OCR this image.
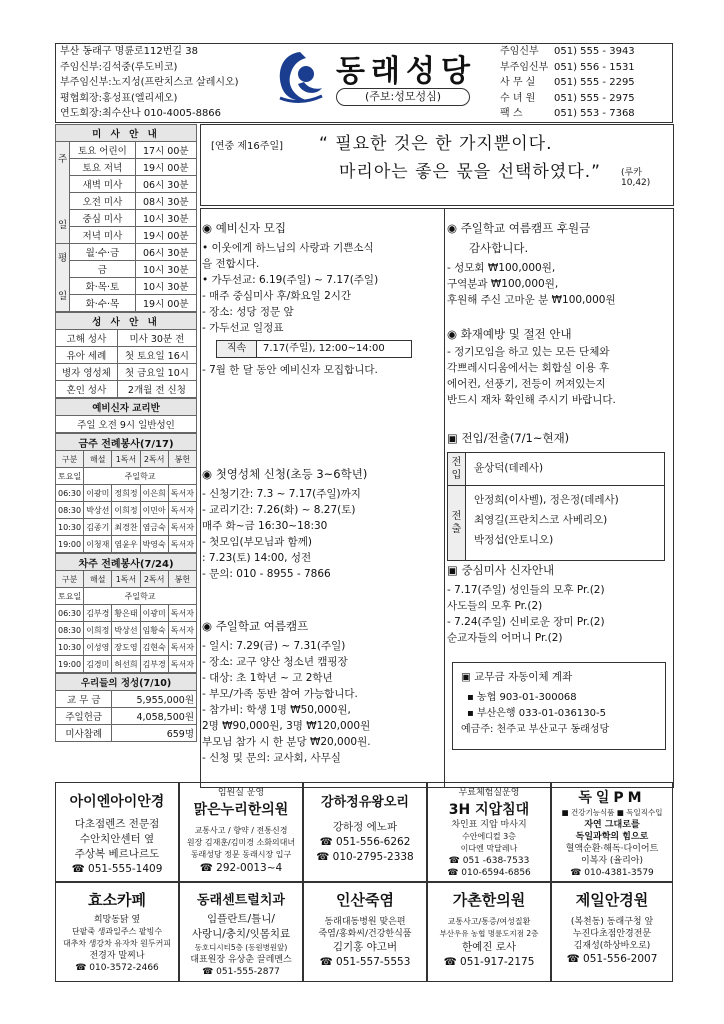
부산 동래구 명륜로112번길 38
주임신부:김석중(루도비코)
부주임신부:노지성(프란치스코 살레시오)
평협회장:홍성표(엘리세오)
연도회장:최수산나 010-4005-8866
동래성당
(주보:성모성심)
주임신부	051) 555 - 3943
부주임신부 051) 556 - 1531
사 무 실	051) 555 - 2295
수 녀 원	051) 555 - 2975
팩 스	051) 553 - 7368
미 사 안 내		

주
일	토요 어린이	17시 00분
	토요 저녁	19시 00분
	새벽 미사	06시 30분
	오전 미사	08시 30분
	중심 미사	10시 30분
	저녁 미사	19시 00분

평
일	월·수·금	06시 30분
	금	10시 30분
	화·목·토	10시 30분
	화·수·목	19시 00분
성 사 안 내	
고해 성사	미사 30분 전
유아 세례	첫 토요일 16시
병자 영성체	첫 금요일 10시
혼인 성사	2개월 전 신청
예비신자 교리반
주일 오전 9시 일반성인
금주 전례봉사(7/17)				
구분	해설	1독서	2독서	봉헌
토요일	주일학교			
06:30	이광미	정희정	이은희	독서자
08:30	박상선	이희정	이민아	독서자
10:30	김종기	최경찬	염금숙	독서자
19:00	이청재	염윤우	박영숙	독서자
차주 전례봉사(7/24)				
구분	해설	1독서	2독서	봉헌
토요일	주일학교			
06:30	김부경	황은태	이광미	독서자
08:30	이희정	박상선	임황숙	독서자
10:30	이성영	장도영	김현숙	독서자
19:00	김경미	허선희	김부경	독서자
우리들의 정성(7/10)	
교 무 금	5,955,000원
주일헌금	4,058,500원
미사참례	659명
[연중 제16주일] “ 필요한 것은 한 가지뿐이다.
마리아는 좋은 몫을 선택하였다.” (루카 10,42)
◉ 예비신자 모집
• 이웃에게 하느님의 사랑과 기쁜소식
을 전합시다.
• 가두선교: 6.19(주일) ~ 7.17(주일)
- 매주 중심미사 후/화요일 2시간
- 장소: 성당 정문 앞
- 가두선교 일정표
직속	7.17(주일), 12:00~14:00
- 7월 한 달 동안 예비신자 모집합니다.
◉ 첫영성체 신청(초등 3~6학년)
- 신청기간: 7.3 ~ 7.17(주일)까지
- 교리기간: 7.26(화) ~ 8.27(토)
매주 화~금 16:30~18:30
- 첫모임(부모님과 함께)
: 7.23(토) 14:00, 성전
- 문의: 010 - 8955 - 7866
◉ 주일학교 여름캠프
- 일시: 7.29(금) ~ 7.31(주일)
- 장소: 교구 양산 청소년 캠핑장
- 대상: 초 1학년 ~ 고 2학년
- 부모/가족 동반 참여 가능합니다.
- 참가비: 학생 1명 ₩50,000원,
2명 ₩90,000원, 3명 ₩120,000원
부모님 참가 시 한 분당 ₩20,000원.
- 신청 및 문의: 교사회, 사무실
◉ 주일학교 여름캠프 후원금
감사합니다.
- 성모회 ₩100,000원,
구역분과 ₩100,000원,
후원해 주신 고마운 분 ₩100,000원
◉ 화재예방 및 절전 안내
- 정기모임을 하고 있는 모든 단체와
각쁘레시디움에서는 회합실 이용 후
에어컨, 선풍기, 전등이 꺼져있는지
반드시 재차 확인해 주시기 바랍니다.
▣ 전입/전출(7/1~현재)
전입
윤상덕(데레사)
전출
안정희(이사벨), 정은정(데레사)
최영길(프란치스코 사베리오)
박정섭(안토니오)
▣ 중심미사 신자안내
- 7.17(주일) 성인들의 모후 Pr.(2)
사도들의 모후 Pr.(2)
- 7.24(주일) 신비로운 장미 Pr.(2)
순교자들의 어머니 Pr.(2)
▣ 교무금 자동이체 계좌
▪ 농협 903-01-300068
▪ 부산은행 033-01-036130-5
예금주: 천주교 부산교구 동래성당
아이엔아이안경
다초점렌즈 전문점
수안치안센터 옆
주상복 베르나르도
☎ 051-555-1409
임원실 운영
맑은누리한의원
교통사고 / 향약 / 전통신경
원장 김재훈/김미경 소화의대녀
동래성당 정문 동래시장 입구
☎ 292-0013~4
강하정유왕오리
강하정 에노파
☎ 051-556-6262
☎ 010-2795-2338
무료체험실운영
3H 지압침대
차인표 지압 마사지
수안에디컬 3층
이다엔 막달레나
☎ 051 -638-7533
☎ 010-6594-6856
독일PM
■ 건강기능식품 ■ 독일직수입
자연 그대로를
독일과학의 힘으로
혈액순환·해독·다이어트
이복자 (율리아)
☎ 010-4381-3579
효소카페
희망동닭 옆
단팥죽 생과일주스 팥빙수
대추차 생강차 유자차 원두커피
전경자 말찌나
☎ 010-3572-2466
동래센트럴치과
임플란트/틀니/
사랑니/충치/잇몸치료
동호디시티5층 (동원병원앞)
대표원장 유상춘 끌레멘스
☎ 051-555-2877
인산죽염
동래대동병원 맞은편
죽염/홍화씨/건강한식품
김기홍 야고버
☎ 051-557-5553
가촌한의원
교통사고/통증/여성질환
부산우유 농협 명륜도지점 2층
한예진 로사
☎ 051-917-2175
제일안경원
(복천동) 동래구청 앞
누진다초점안경전문
김재성(하상바오로)
☎ 051-556-2007
